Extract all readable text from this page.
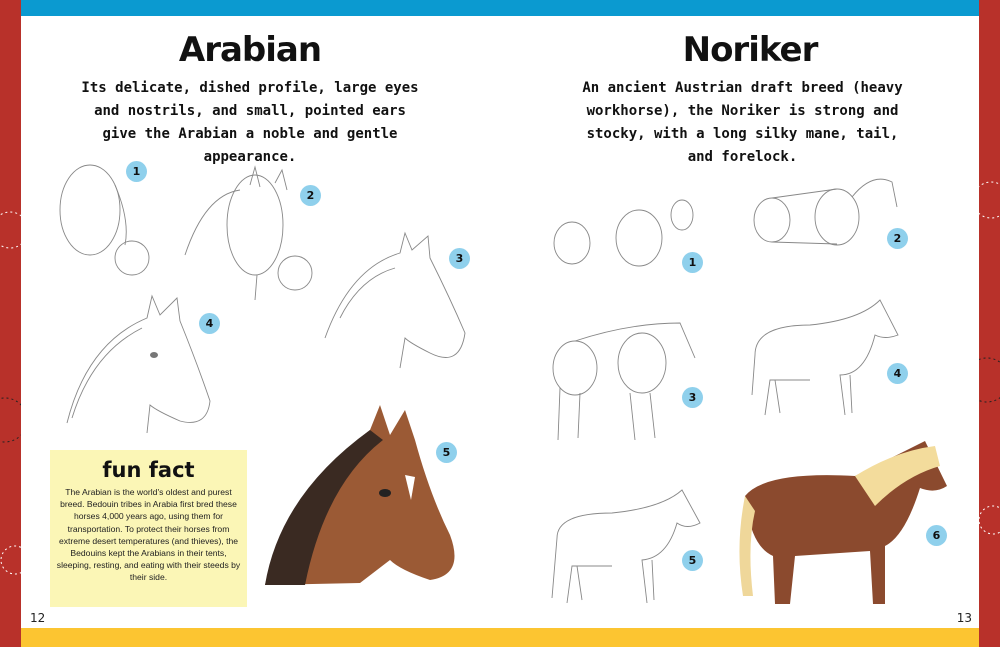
Arabian
Its delicate, dished profile, large eyes and nostrils, and small, pointed ears give the Arabian a noble and gentle appearance.
Noriker
An ancient Austrian draft breed (heavy workhorse), the Noriker is strong and stocky, with a long silky mane, tail, and forelock.
fun fact

The Arabian is the world's oldest and purest breed. Bedouin tribes in Arabia first bred these horses 4,000 years ago, using them for transportation. To protect their horses from extreme desert temperatures (and thieves), the Bedouins kept the Arabians in their tents, sleeping, resting, and eating with their steeds by their side.

1
2
3
4
5
1
2
3
4
5
6
12	13
